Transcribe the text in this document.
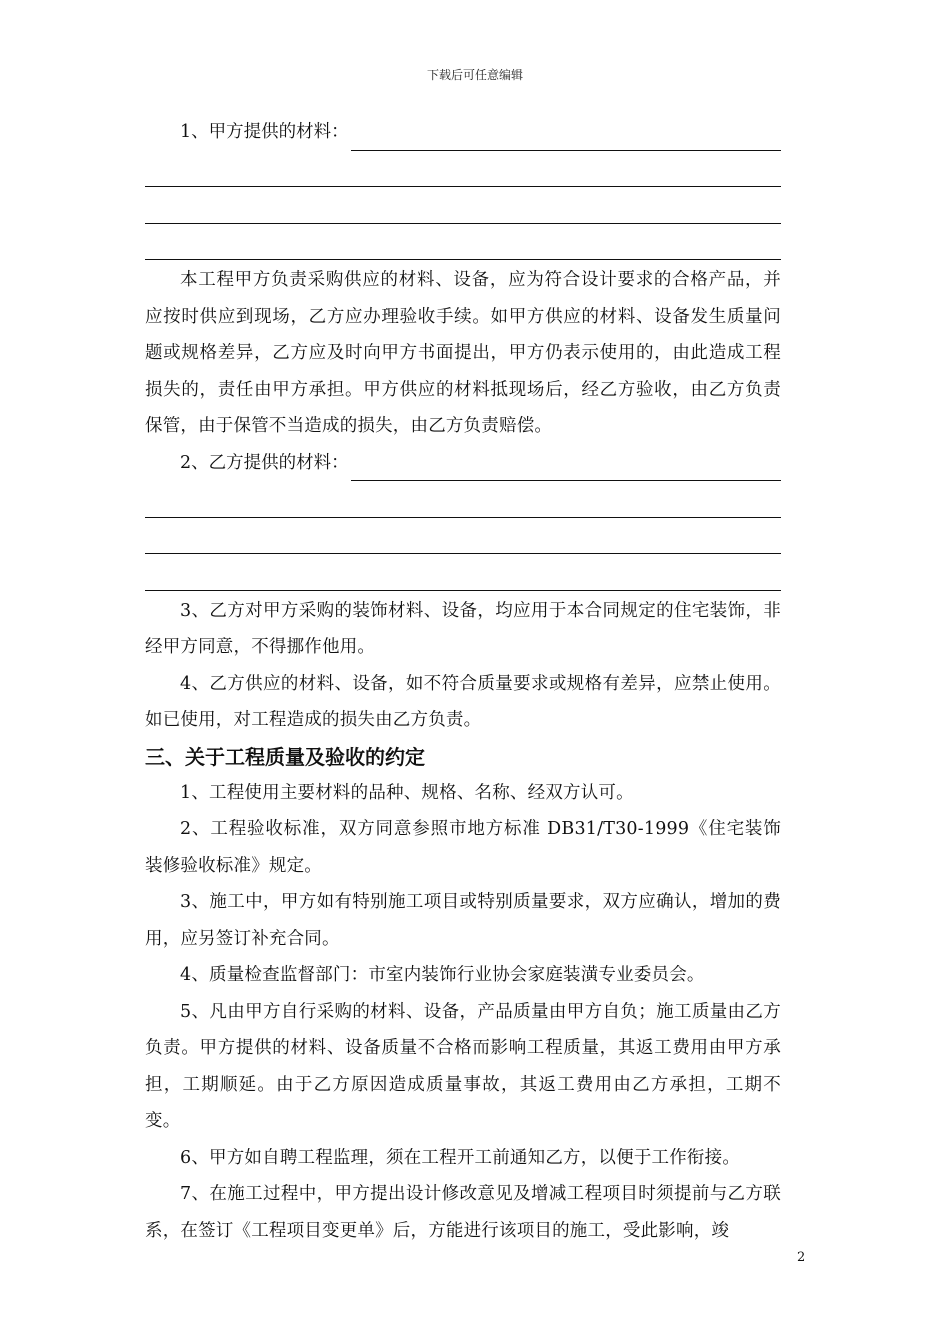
下载后可任意编辑
1、甲方提供的材料：

本工程甲方负责采购供应的材料、设备，应为符合设计要求的合格产品，并应按时供应到现场，乙方应办理验收手续。如甲方供应的材料、设备发生质量问题或规格差异，乙方应及时向甲方书面提出，甲方仍表示使用的，由此造成工程损失的，责任由甲方承担。甲方供应的材料抵现场后，经乙方验收，由乙方负责保管，由于保管不当造成的损失，由乙方负责赔偿。

2、乙方提供的材料：

3、乙方对甲方采购的装饰材料、设备，均应用于本合同规定的住宅装饰，非经甲方同意，不得挪作他用。

4、乙方供应的材料、设备，如不符合质量要求或规格有差异，应禁止使用。如已使用，对工程造成的损失由乙方负责。

三、关于工程质量及验收的约定

1、工程使用主要材料的品种、规格、名称、经双方认可。

2、工程验收标准，双方同意参照市地方标准 DB31/T30-1999《住宅装饰装修验收标准》规定。

3、施工中，甲方如有特别施工项目或特别质量要求，双方应确认，增加的费用，应另签订补充合同。

4、质量检查监督部门：市室内装饰行业协会家庭装潢专业委员会。

5、凡由甲方自行采购的材料、设备，产品质量由甲方自负；施工质量由乙方负责。甲方提供的材料、设备质量不合格而影响工程质量，其返工费用由甲方承担，工期顺延。由于乙方原因造成质量事故，其返工费用由乙方承担，工期不变。

6、甲方如自聘工程监理，须在工程开工前通知乙方，以便于工作衔接。

7、在施工过程中，甲方提出设计修改意见及增减工程项目时须提前与乙方联系，在签订《工程项目变更单》后，方能进行该项目的施工，受此影响，竣

2
